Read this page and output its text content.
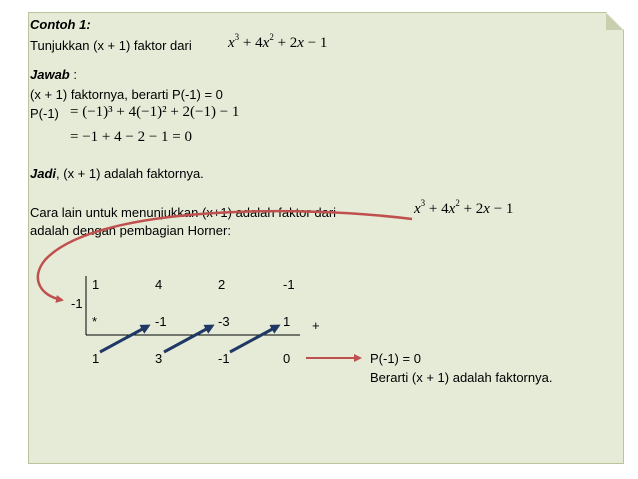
Contoh 1:
Tunjukkan (x + 1) faktor dari $x^3 + 4x^2 + 2x - 1$
Jawab :
(x + 1) faktornya, berarti P(-1) = 0
P(-1) = (−1)³ + 4(−1)² + 2(−1) − 1
= −1 + 4 − 2 − 1 = 0
Jadi, (x + 1) adalah faktornya.
Cara lain untuk menunjukkan (x+1) adalah faktor dari	$x^3 + 4x^2 + 2x - 1$
adalah dengan pembagian Horner:
-1
1	4	2	-1
*	-1	-3	1 +
1	3	-1	0	P(-1) = 0
Berarti (x + 1) adalah faktornya.
